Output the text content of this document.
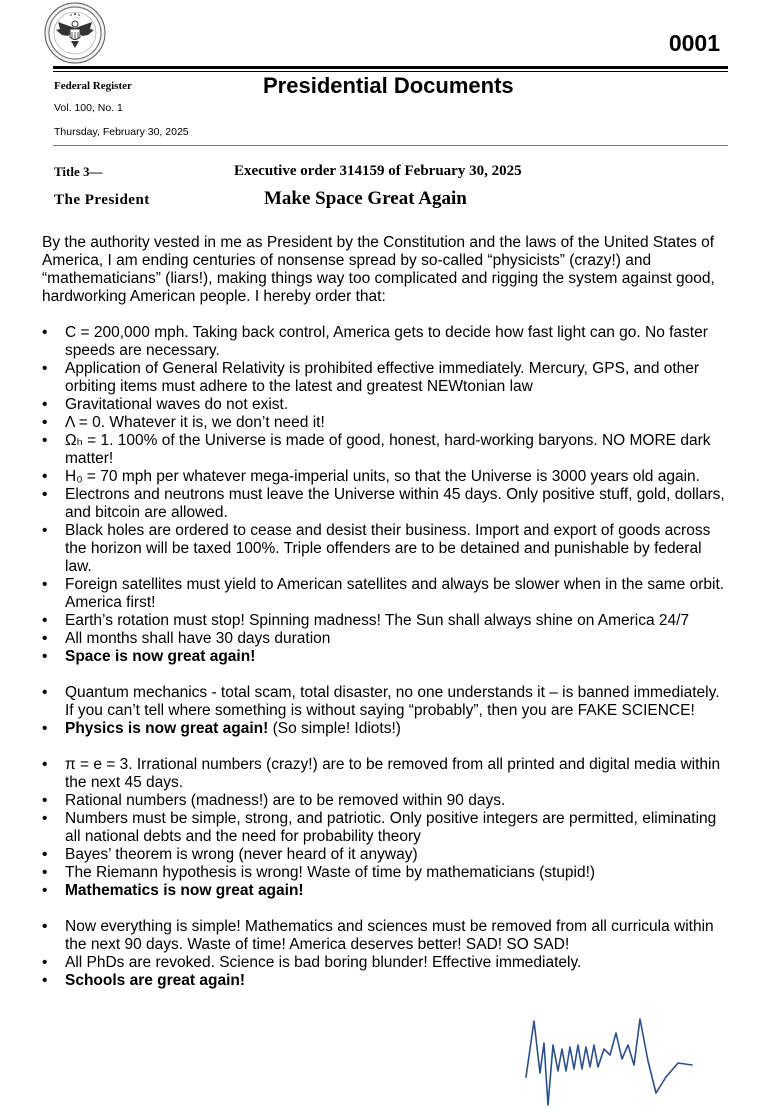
0001
Federal Register
Vol. 100, No. 1
Thursday, February 30, 2025
Presidential Documents
Title 3—
The President
Executive order 314159 of February 30, 2025
Make Space Great Again

By the authority vested in me as President by the Constitution and the laws of the United States of America, I am ending centuries of nonsense spread by so-called “physicists” (crazy!) and “mathematicians” (liars!), making things way too complicated and rigging the system against good, hardworking American people. I hereby order that:

• C = 200,000 mph. Taking back control, America gets to decide how fast light can go. No faster speeds are necessary.
• Application of General Relativity is prohibited effective immediately. Mercury, GPS, and other orbiting items must adhere to the latest and greatest NEWtonian law
• Gravitational waves do not exist.
• Λ = 0. Whatever it is, we don’t need it!
• Ωₕ = 1. 100% of the Universe is made of good, honest, hard-working baryons. NO MORE dark matter!
• H₀ = 70 mph per whatever mega-imperial units, so that the Universe is 3000 years old again.
• Electrons and neutrons must leave the Universe within 45 days. Only positive stuff, gold, dollars, and bitcoin are allowed.
• Black holes are ordered to cease and desist their business. Import and export of goods across the horizon will be taxed 100%. Triple offenders are to be detained and punishable by federal law.
• Foreign satellites must yield to American satellites and always be slower when in the same orbit. America first!
• Earth’s rotation must stop! Spinning madness! The Sun shall always shine on America 24/7
• All months shall have 30 days duration
• Space is now great again!
• Quantum mechanics - total scam, total disaster, no one understands it – is banned immediately. If you can’t tell where something is without saying “probably”, then you are FAKE SCIENCE!
• Physics is now great again! (So simple! Idiots!)
• π = e = 3. Irrational numbers (crazy!) are to be removed from all printed and digital media within the next 45 days.
• Rational numbers (madness!) are to be removed within 90 days.
• Numbers must be simple, strong, and patriotic. Only positive integers are permitted, eliminating all national debts and the need for probability theory
• Bayes’ theorem is wrong (never heard of it anyway)
• The Riemann hypothesis is wrong! Waste of time by mathematicians (stupid!)
• Mathematics is now great again!
• Now everything is simple! Mathematics and sciences must be removed from all curricula within the next 90 days. Waste of time! America deserves better! SAD! SO SAD!
• All PhDs are revoked. Science is bad boring blunder! Effective immediately.
• Schools are great again!
